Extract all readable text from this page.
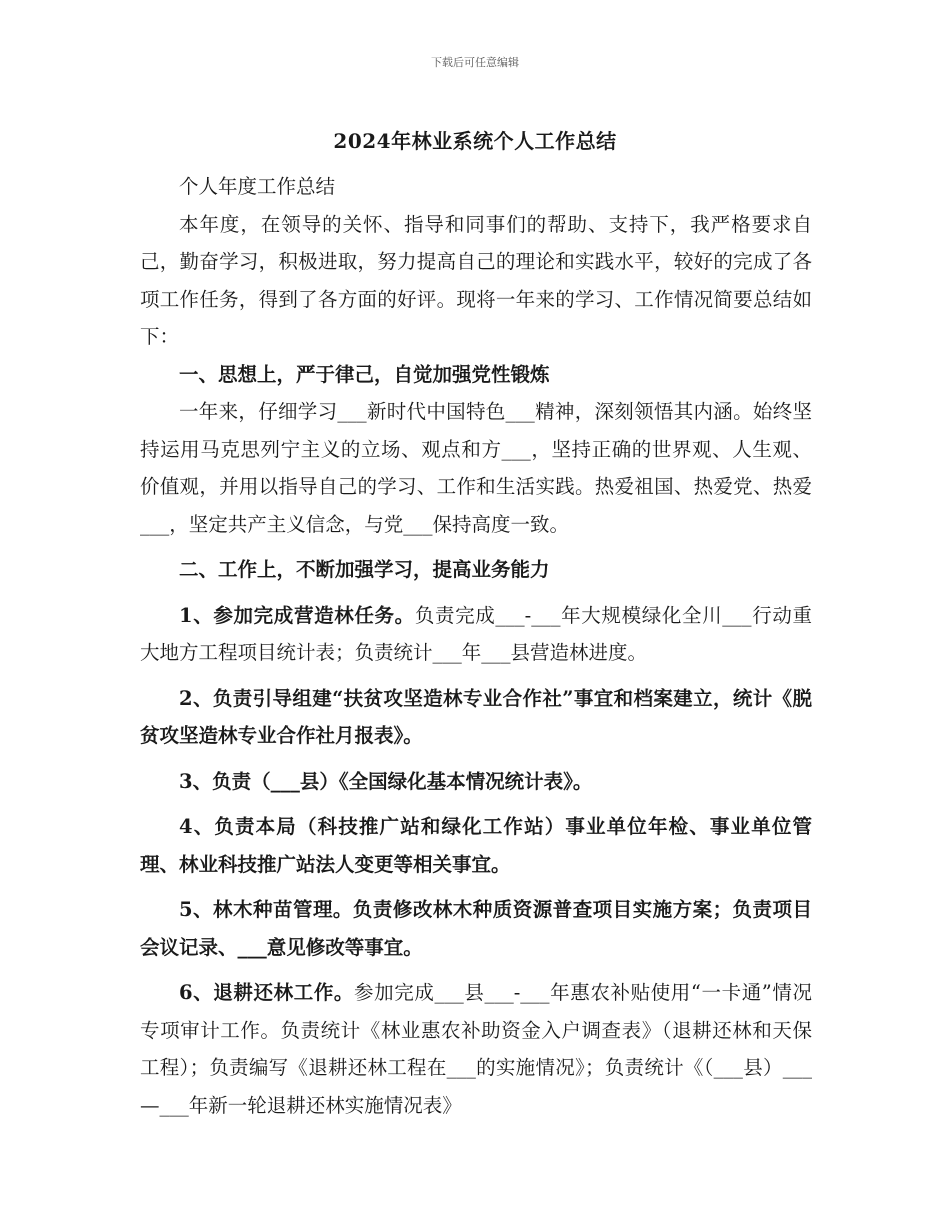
下载后可任意编辑
2024年林业系统个人工作总结

个人年度工作总结

本年度，在领导的关怀、指导和同事们的帮助、支持下，我严格要求自己，勤奋学习，积极进取，努力提高自己的理论和实践水平，较好的完成了各项工作任务，得到了各方面的好评。现将一年来的学习、工作情况简要总结如下：

一、思想上，严于律己，自觉加强党性锻炼

一年来，仔细学习___新时代中国特色___精神，深刻领悟其内涵。始终坚持运用马克思列宁主义的立场、观点和方___，坚持正确的世界观、人生观、价值观，并用以指导自己的学习、工作和生活实践。热爱祖国、热爱党、热爱___，坚定共产主义信念，与党___保持高度一致。

二、工作上，不断加强学习，提高业务能力

1、参加完成营造林任务。负责完成___-___年大规模绿化全川___行动重大地方工程项目统计表；负责统计___年___县营造林进度。

2、负责引导组建“扶贫攻坚造林专业合作社”事宜和档案建立，统计《脱贫攻坚造林专业合作社月报表》。

3、负责（___县）《全国绿化基本情况统计表》。

4、负责本局（科技推广站和绿化工作站）事业单位年检、事业单位管理、林业科技推广站法人变更等相关事宜。

5、林木种苗管理。负责修改林木种质资源普查项目实施方案；负责项目会议记录、___意见修改等事宜。

6、退耕还林工作。参加完成___县___-___年惠农补贴使用“一卡通”情况专项审计工作。负责统计《林业惠农补助资金入户调查表》（退耕还林和天保工程）；负责编写《退耕还林工程在___的实施情况》；负责统计《（___县）___—___年新一轮退耕还林实施情况表》
